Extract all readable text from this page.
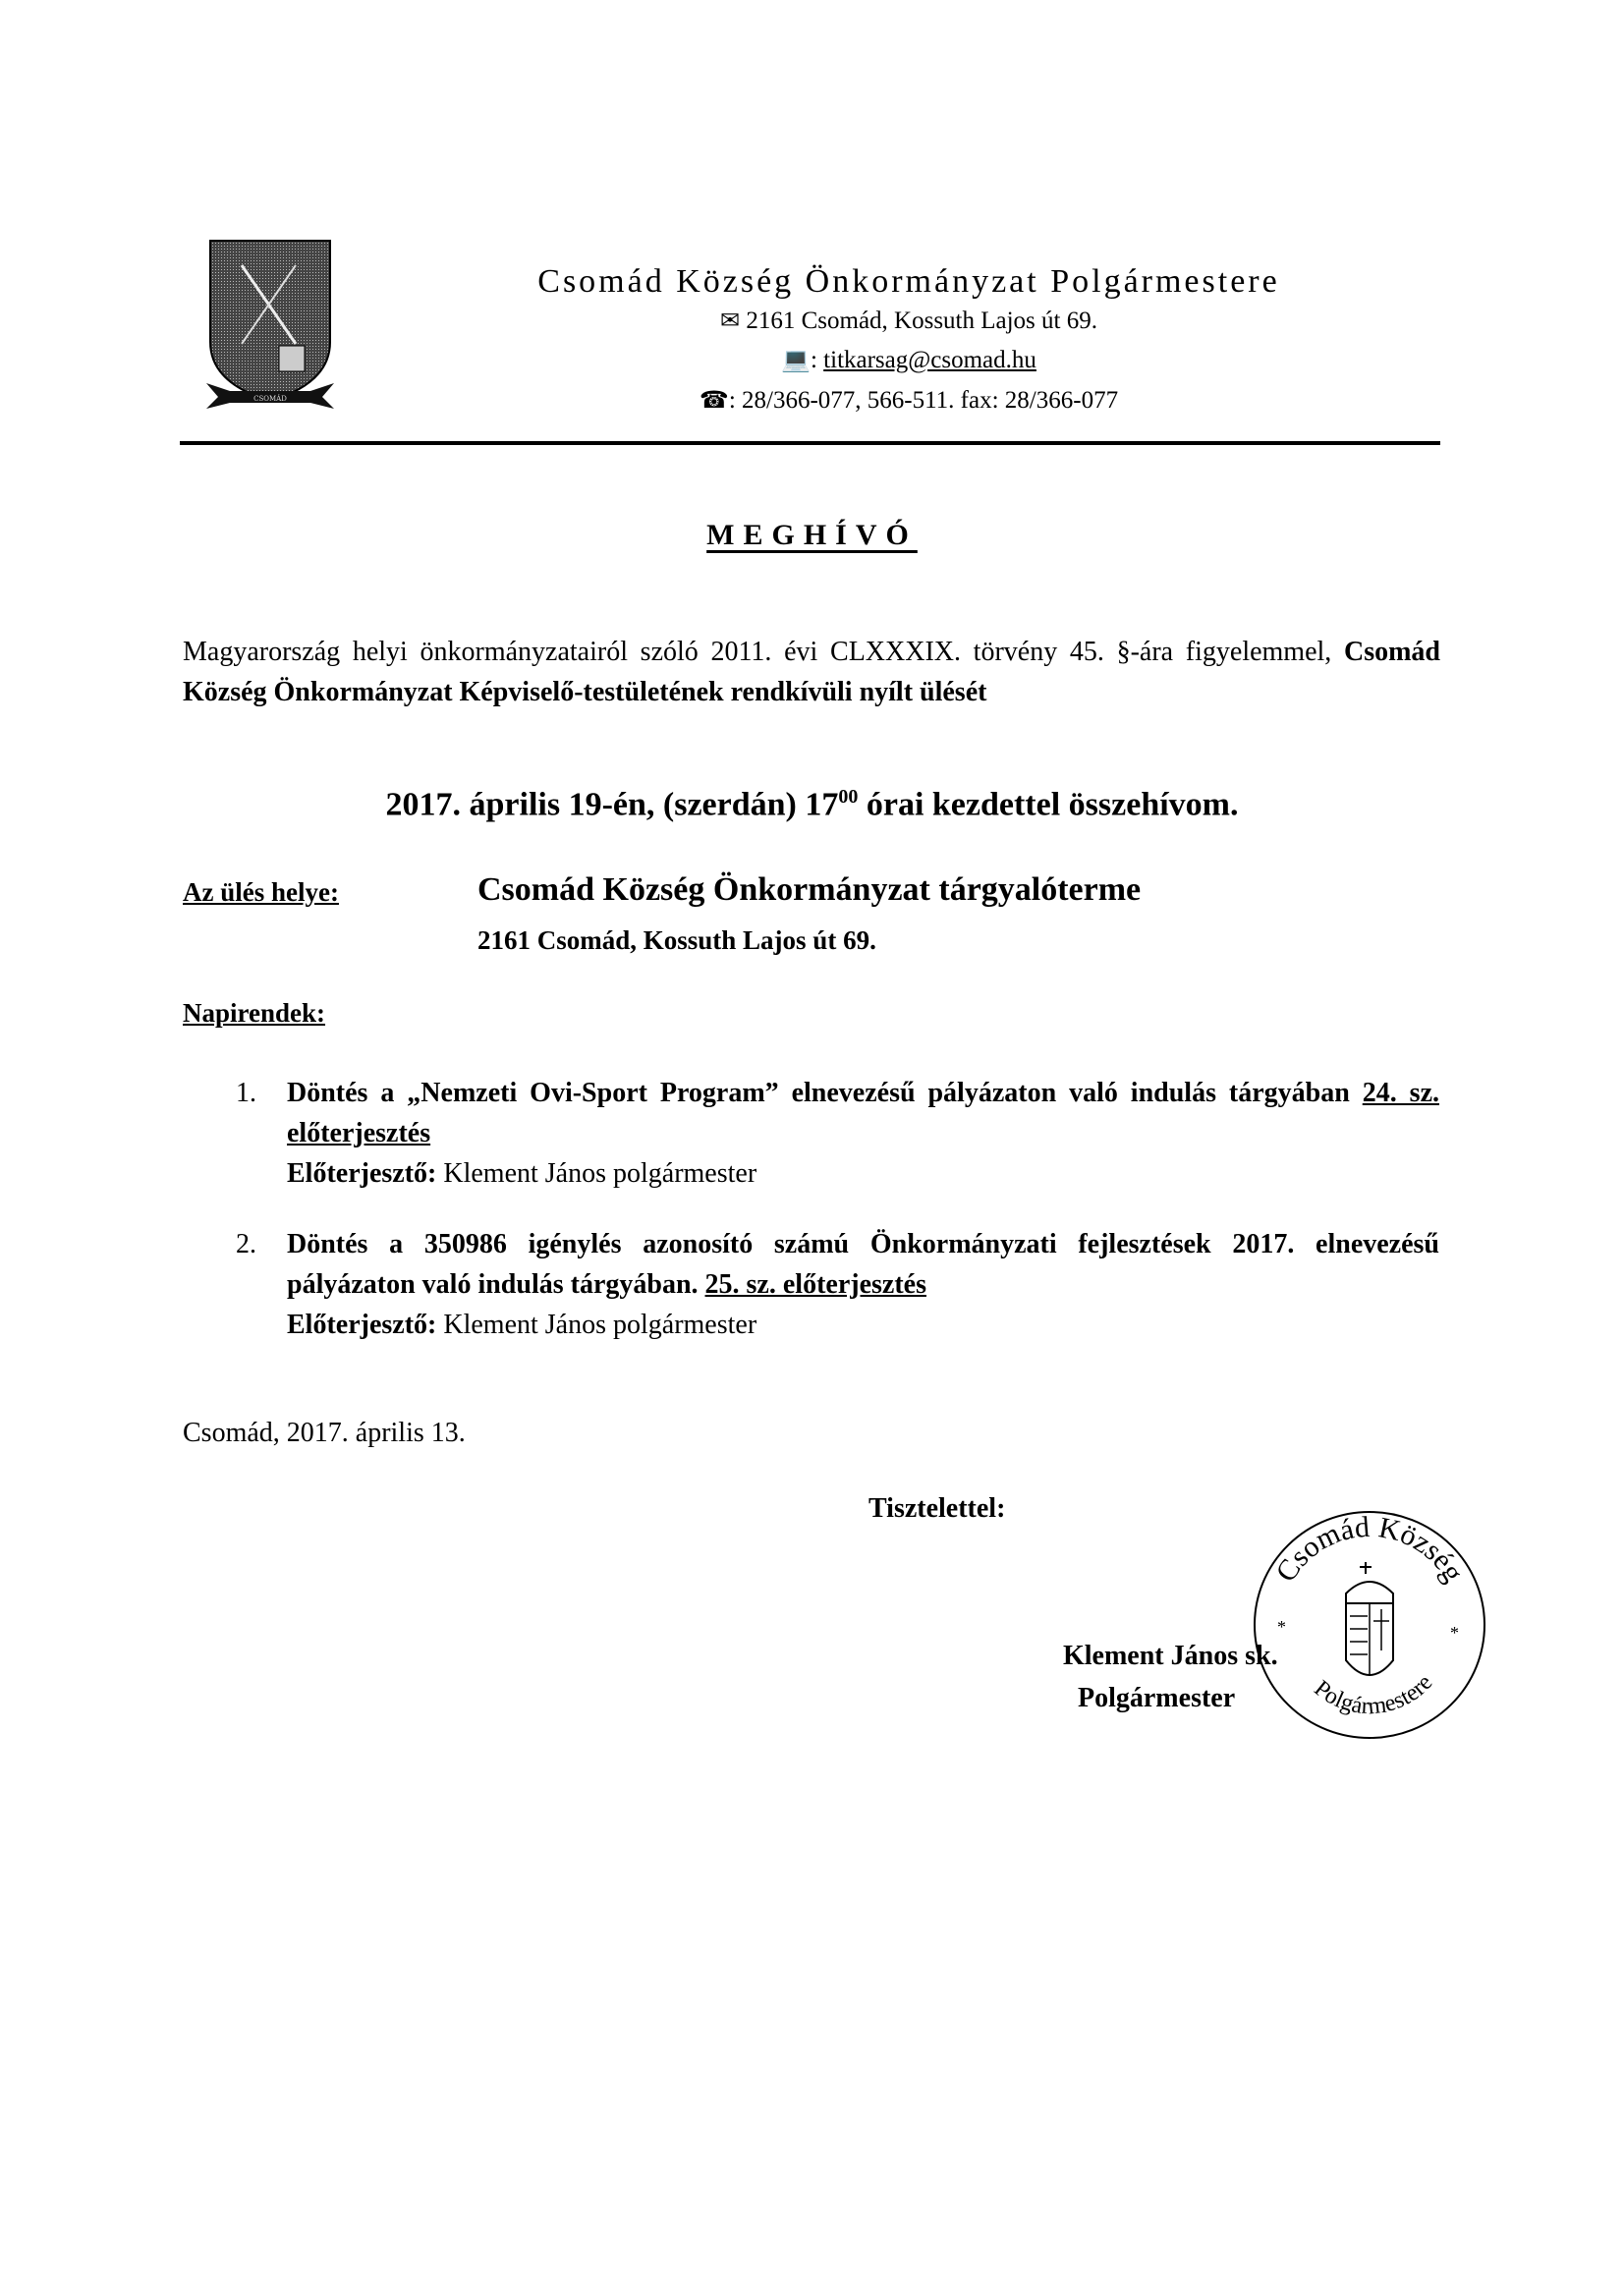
CSOMÁD
Csomád Község Önkormányzat Polgármestere
✉ 2161 Csomád, Kossuth Lajos út 69.
💻: titkarsag@csomad.hu
☎: 28/366-077, 566-511. fax: 28/366-077
MEGHÍVÓ
Magyarország helyi önkormányzatairól szóló 2011. évi CLXXXIX. törvény 45. §-ára figyelemmel, Csomád Község Önkormányzat Képviselő-testületének rendkívüli nyílt ülését
2017. április 19-én, (szerdán) $17^{00}$ órai kezdettel összehívom.
Az ülés helye:	Csomád Község Önkormányzat tárgyalóterme
2161 Csomád, Kossuth Lajos út 69.
Napirendek:
1. Döntés a „Nemzeti Ovi-Sport Program” elnevezésű pályázaton való indulás tárgyában 24. sz. előterjesztés
Előterjesztő: Klement János polgármester
2. Döntés a 350986 igénylés azonosító számú Önkormányzati fejlesztések 2017. elnevezésű pályázaton való indulás tárgyában. 25. sz. előterjesztés
Előterjesztő: Klement János polgármester
Csomád, 2017. április 13.
Tisztelettel:
Csomád Község
Polgármestere
*	*
Klement János sk.
Polgármester
